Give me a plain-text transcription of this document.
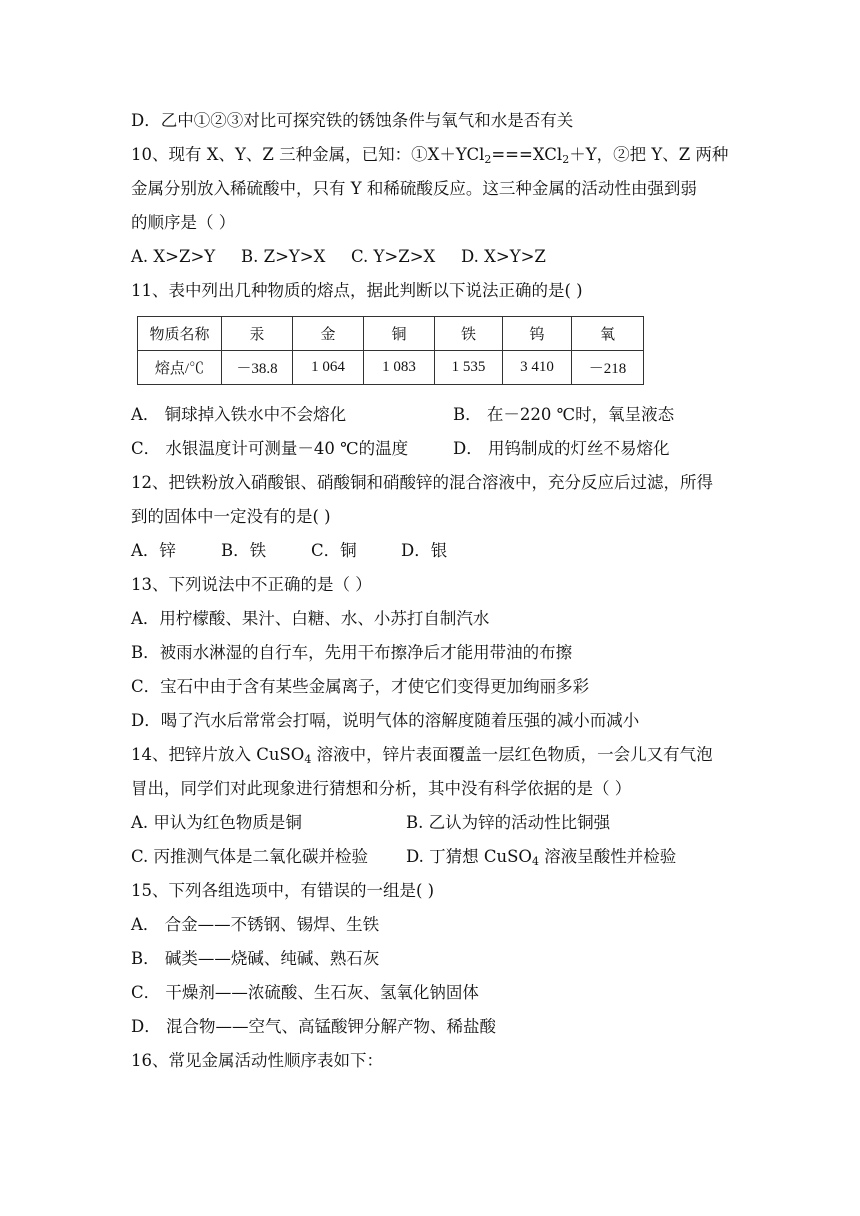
D．乙中①②③对比可探究铁的锈蚀条件与氧气和水是否有关
10、现有 X、Y、Z 三种金属，已知：①X＋YCl$_2$===XCl$_2$＋Y，②把 Y、Z 两种
金属分别放入稀硫酸中，只有 Y 和稀硫酸反应。这三种金属的活动性由强到弱
的顺序是（ ）
A. X>Z>Y B. Z>Y>X C. Y>Z>X D. X>Y>Z
11、表中列出几种物质的熔点，据此判断以下说法正确的是( )
物质名称	汞	金	铜	铁	钨	氧
熔点/℃	－38.8	1 064	1 083	1 535	3 410	－218
A． 铜球掉入铁水中不会熔化	B． 在－220 ℃时，氧呈液态
C． 水银温度计可测量－40 ℃的温度	D． 用钨制成的灯丝不易熔化
12、把铁粉放入硝酸银、硝酸铜和硝酸锌的混合溶液中，充分反应后过滤，所得
到的固体中一定没有的是( )
A．锌	B．铁	C．铜	D．银
13、下列说法中不正确的是（ ）
A．用柠檬酸、果汁、白糖、水、小苏打自制汽水
B．被雨水淋湿的自行车，先用干布擦净后才能用带油的布擦
C．宝石中由于含有某些金属离子，才使它们变得更加绚丽多彩
D．喝了汽水后常常会打嗝，说明气体的溶解度随着压强的减小而减小
14、把锌片放入 CuSO$_4$ 溶液中，锌片表面覆盖一层红色物质，一会儿又有气泡
冒出，同学们对此现象进行猜想和分析，其中没有科学依据的是（ ）
A. 甲认为红色物质是铜	B. 乙认为锌的活动性比铜强
C. 丙推测气体是二氧化碳并检验 D. 丁猜想 CuSO$_4$ 溶液呈酸性并检验
15、下列各组选项中，有错误的一组是( )
A． 合金——不锈钢、锡焊、生铁
B． 碱类——烧碱、纯碱、熟石灰
C． 干燥剂——浓硫酸、生石灰、氢氧化钠固体
D． 混合物——空气、高锰酸钾分解产物、稀盐酸
16、常见金属活动性顺序表如下：
